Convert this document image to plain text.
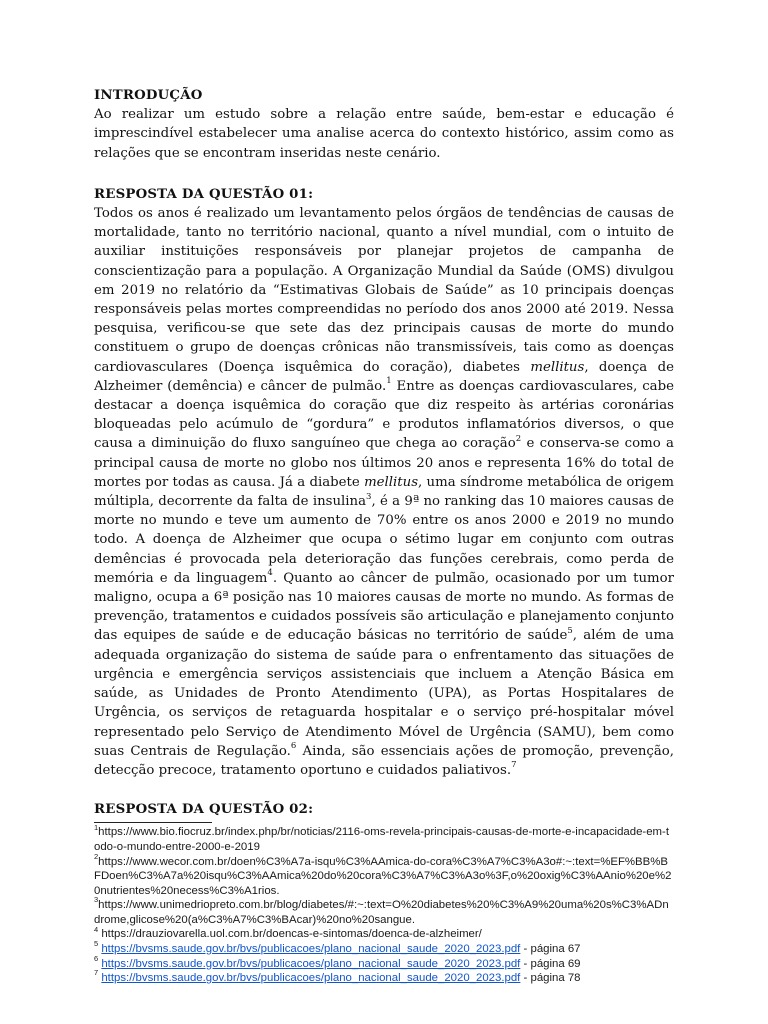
INTRODUÇÃO

Ao realizar um estudo sobre a relação entre saúde, bem-estar e educação é imprescindível estabelecer uma analise acerca do contexto histórico, assim como as relações que se encontram inseridas neste cenário.

RESPOSTA DA QUESTÃO 01:

Todos os anos é realizado um levantamento pelos órgãos de tendências de causas de mortalidade, tanto no território nacional, quanto a nível mundial, com o intuito de auxiliar instituições responsáveis por planejar projetos de campanha de conscientização para a população. A Organização Mundial da Saúde (OMS) divulgou em 2019 no relatório da “Estimativas Globais de Saúde” as 10 principais doenças responsáveis pelas mortes compreendidas no período dos anos 2000 até 2019. Nessa pesquisa, verificou-se que sete das dez principais causas de morte do mundo constituem o grupo de doenças crônicas não transmissíveis, tais como as doenças cardiovasculares (Doença isquêmica do coração), diabetes mellitus, doença de Alzheimer (demência) e câncer de pulmão.$^1$ Entre as doenças cardiovasculares, cabe destacar a doença isquêmica do coração que diz respeito às artérias coronárias bloqueadas pelo acúmulo de “gordura” e produtos inflamatórios diversos, o que causa a diminuição do fluxo sanguíneo que chega ao coração$^2$ e conserva-se como a principal causa de morte no globo nos últimos 20 anos e representa 16% do total de mortes por todas as causa. Já a diabete mellitus, uma síndrome metabólica de origem múltipla, decorrente da falta de insulina$^3$, é a 9ª no ranking das 10 maiores causas de morte no mundo e teve um aumento de 70% entre os anos 2000 e 2019 no mundo todo. A doença de Alzheimer que ocupa o sétimo lugar em conjunto com outras demências é provocada pela deterioração das funções cerebrais, como perda de memória e da linguagem$^4$. Quanto ao câncer de pulmão, ocasionado por um tumor maligno, ocupa a 6ª posição nas 10 maiores causas de morte no mundo. As formas de prevenção, tratamentos e cuidados possíveis são articulação e planejamento conjunto das equipes de saúde e de educação básicas no território de saúde$^5$, além de uma adequada organização do sistema de saúde para o enfrentamento das situações de urgência e emergência serviços assistenciais que incluem a Atenção Básica em saúde, as Unidades de Pronto Atendimento (UPA), as Portas Hospitalares de Urgência, os serviços de retaguarda hospitalar e o serviço pré-hospitalar móvel representado pelo Serviço de Atendimento Móvel de Urgência (SAMU), bem como suas Centrais de Regulação.$^6$ Ainda, são essenciais ações de promoção, prevenção, detecção precoce, tratamento oportuno e cuidados paliativos.$^7$

RESPOSTA DA QUESTÃO 02:

$^1$https://www.bio.fiocruz.br/index.php/br/noticias/2116-oms-revela-principais-causas-de-morte-e-incapacidade-em-todo-o-mundo-entre-2000-e-2019

$^2$https://www.wecor.com.br/doen%C3%A7a-isqu%C3%AAmica-do-cora%C3%A7%C3%A3o#:~:text=%EF%BB%BFDoen%C3%A7a%20isqu%C3%AAmica%20do%20cora%C3%A7%C3%A3o%3F,o%20oxig%C3%AAnio%20e%20nutrientes%20necess%C3%A1rios.

$^3$https://www.unimedriopreto.com.br/blog/diabetes/#:~:text=O%20diabetes%20%C3%A9%20uma%20s%C3%ADndrome,glicose%20(a%C3%A7%C3%BAcar)%20no%20sangue.

$^4$ https://drauziovarella.uol.com.br/doencas-e-sintomas/doenca-de-alzheimer/

$^5$ https://bvsms.saude.gov.br/bvs/publicacoes/plano_nacional_saude_2020_2023.pdf - página 67

$^6$ https://bvsms.saude.gov.br/bvs/publicacoes/plano_nacional_saude_2020_2023.pdf - página 69

$^7$ https://bvsms.saude.gov.br/bvs/publicacoes/plano_nacional_saude_2020_2023.pdf - página 78
